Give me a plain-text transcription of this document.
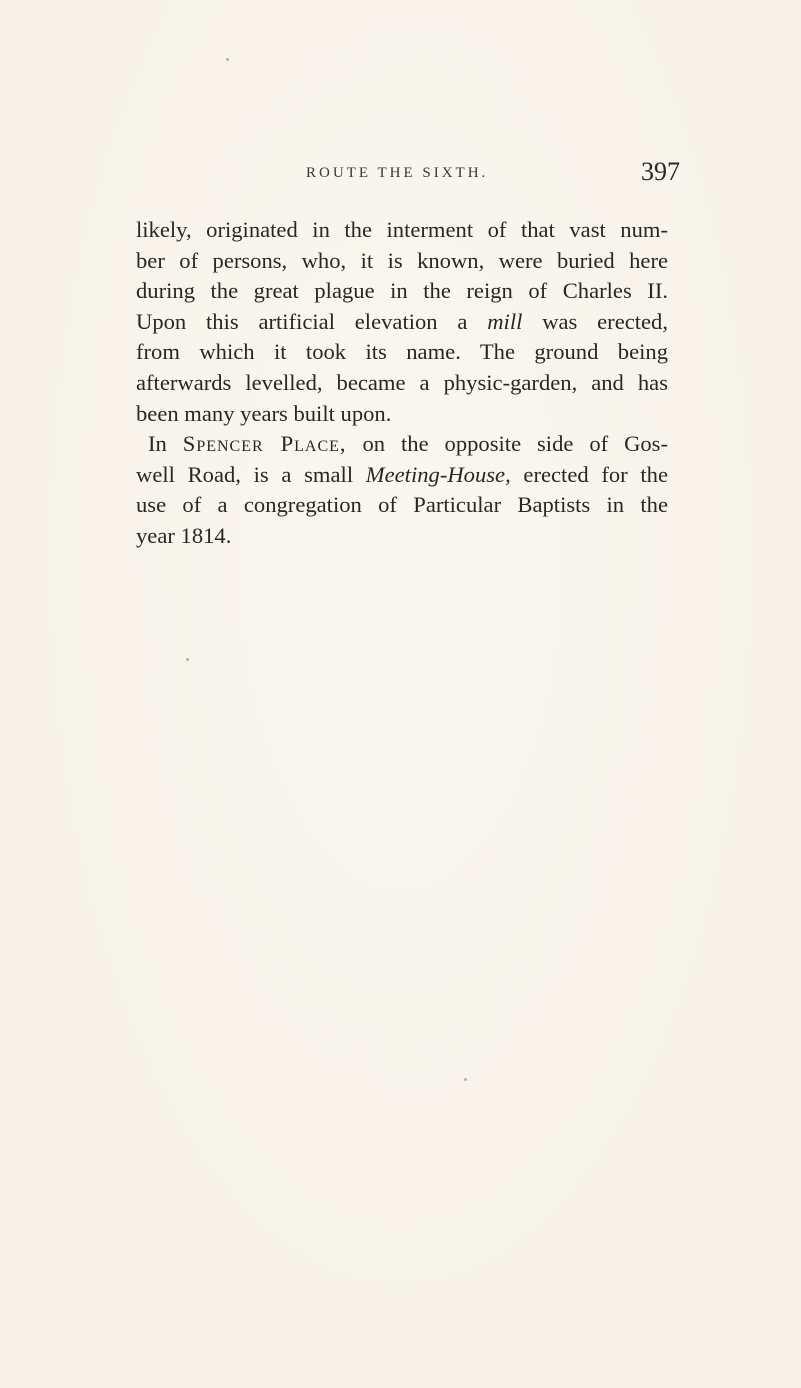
ROUTE THE SIXTH.	397
likely, originated in the interment of that vast num-
ber of persons, who, it is known, were buried here
during the great plague in the reign of Charles II.
Upon this artificial elevation a mill was erected,
from which it took its name. The ground being
afterwards levelled, became a physic-garden, and has
been many years built upon.
In Spencer Place, on the opposite side of Gos-
well Road, is a small Meeting-House, erected for the
use of a congregation of Particular Baptists in the
year 1814.
